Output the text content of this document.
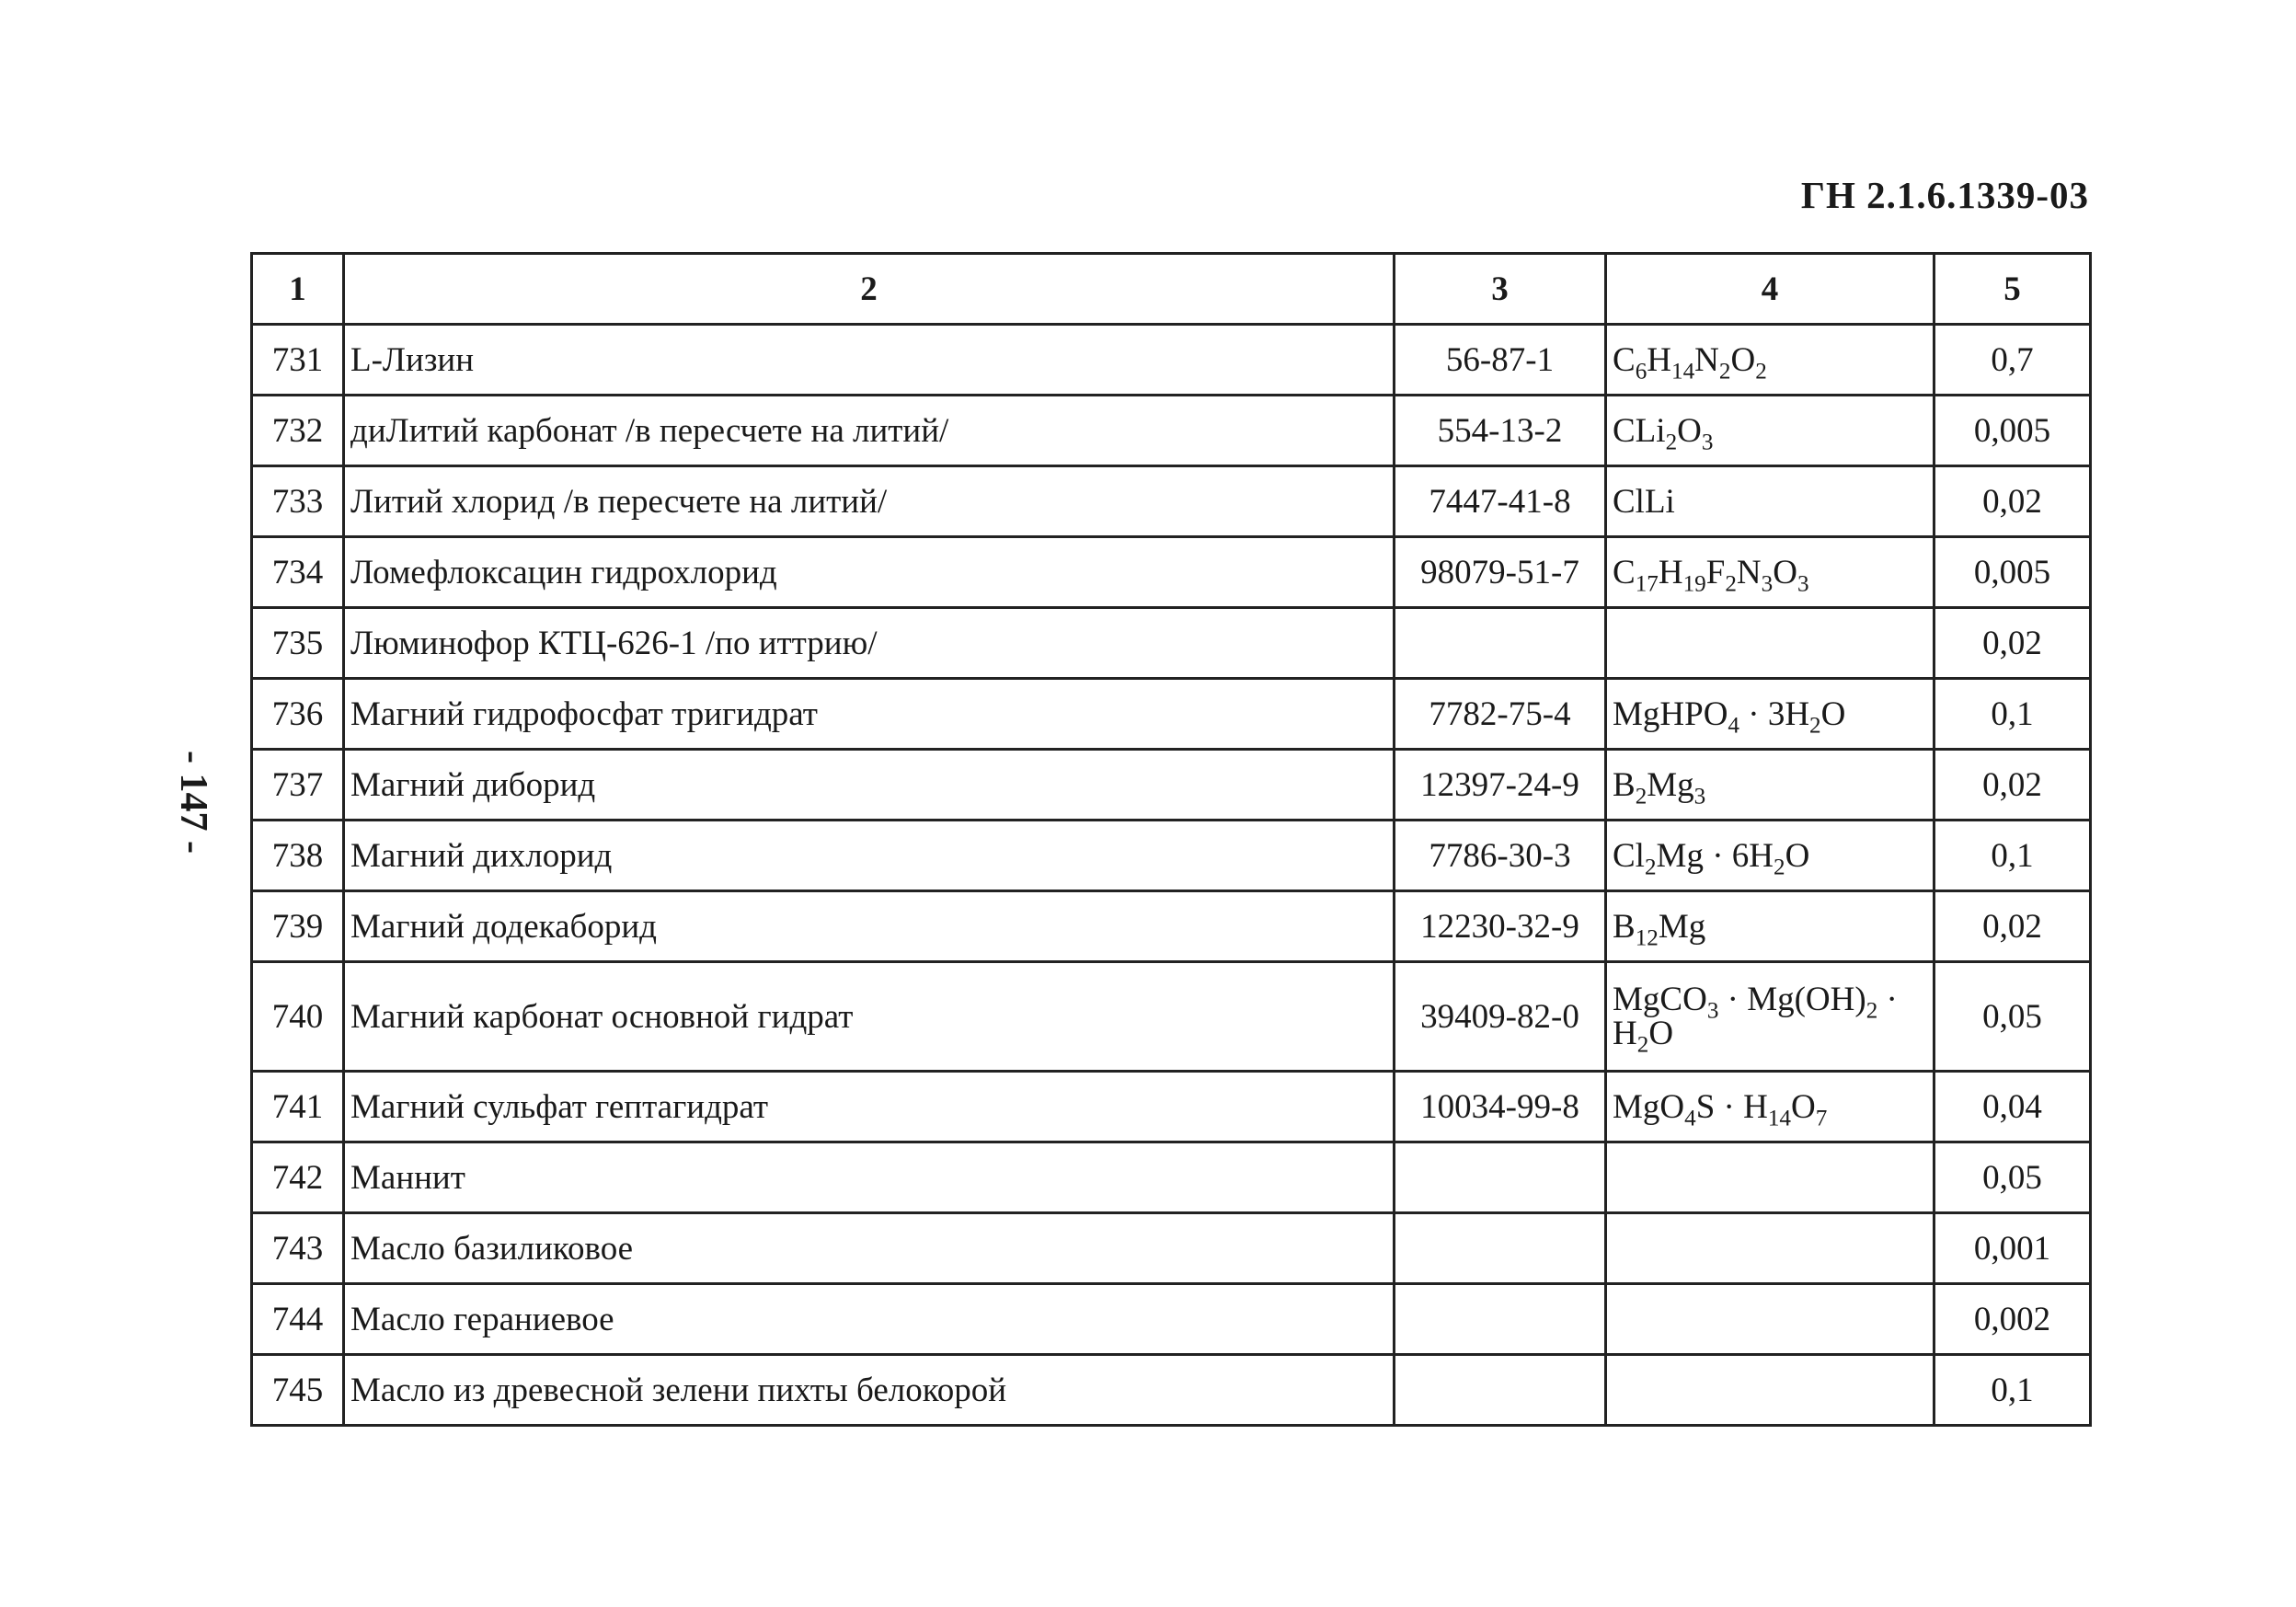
ГН 2.1.6.1339-03
- 147 -
1	2	3	4	5
731	L-Лизин	56-87-1	$C_6H_{14}N_2O_2$	0,7
732	диЛитий карбонат /в пересчете на литий/	554-13-2	$CLi_2O_3$	0,005
733	Литий хлорид /в пересчете на литий/	7447-41-8	ClLi	0,02
734	Ломефлоксацин гидрохлорид	98079-51-7	$C_{17}H_{19}F_2N_3O_3$	0,005
735	Люминофор КТЦ-626-1 /по иттрию/			0,02
736	Магний гидрофосфат тригидрат	7782-75-4	MgHPO$_4$ · $3H_2O$	0,1
737	Магний диборид	12397-24-9	$B_2Mg_3$	0,02
738	Магний дихлорид	7786-30-3	$Cl_2Mg \cdot 6H_2O$	0,1
739	Магний додекаборид	12230-32-9	$B_{12}Mg$	0,02
740	Магний карбонат основной гидрат	39409-82-0	MgCO$_3$ · $Mg(OH)_2 \cdot H_2O$	0,05
741	Магний сульфат гептагидрат	10034-99-8	$MgO_4S \cdot H_{14}O_7$	0,04
742	Маннит			0,05
743	Масло базиликовое			0,001
744	Масло гераниевое			0,002
745	Масло из древесной зелени пихты белокорой			0,1
